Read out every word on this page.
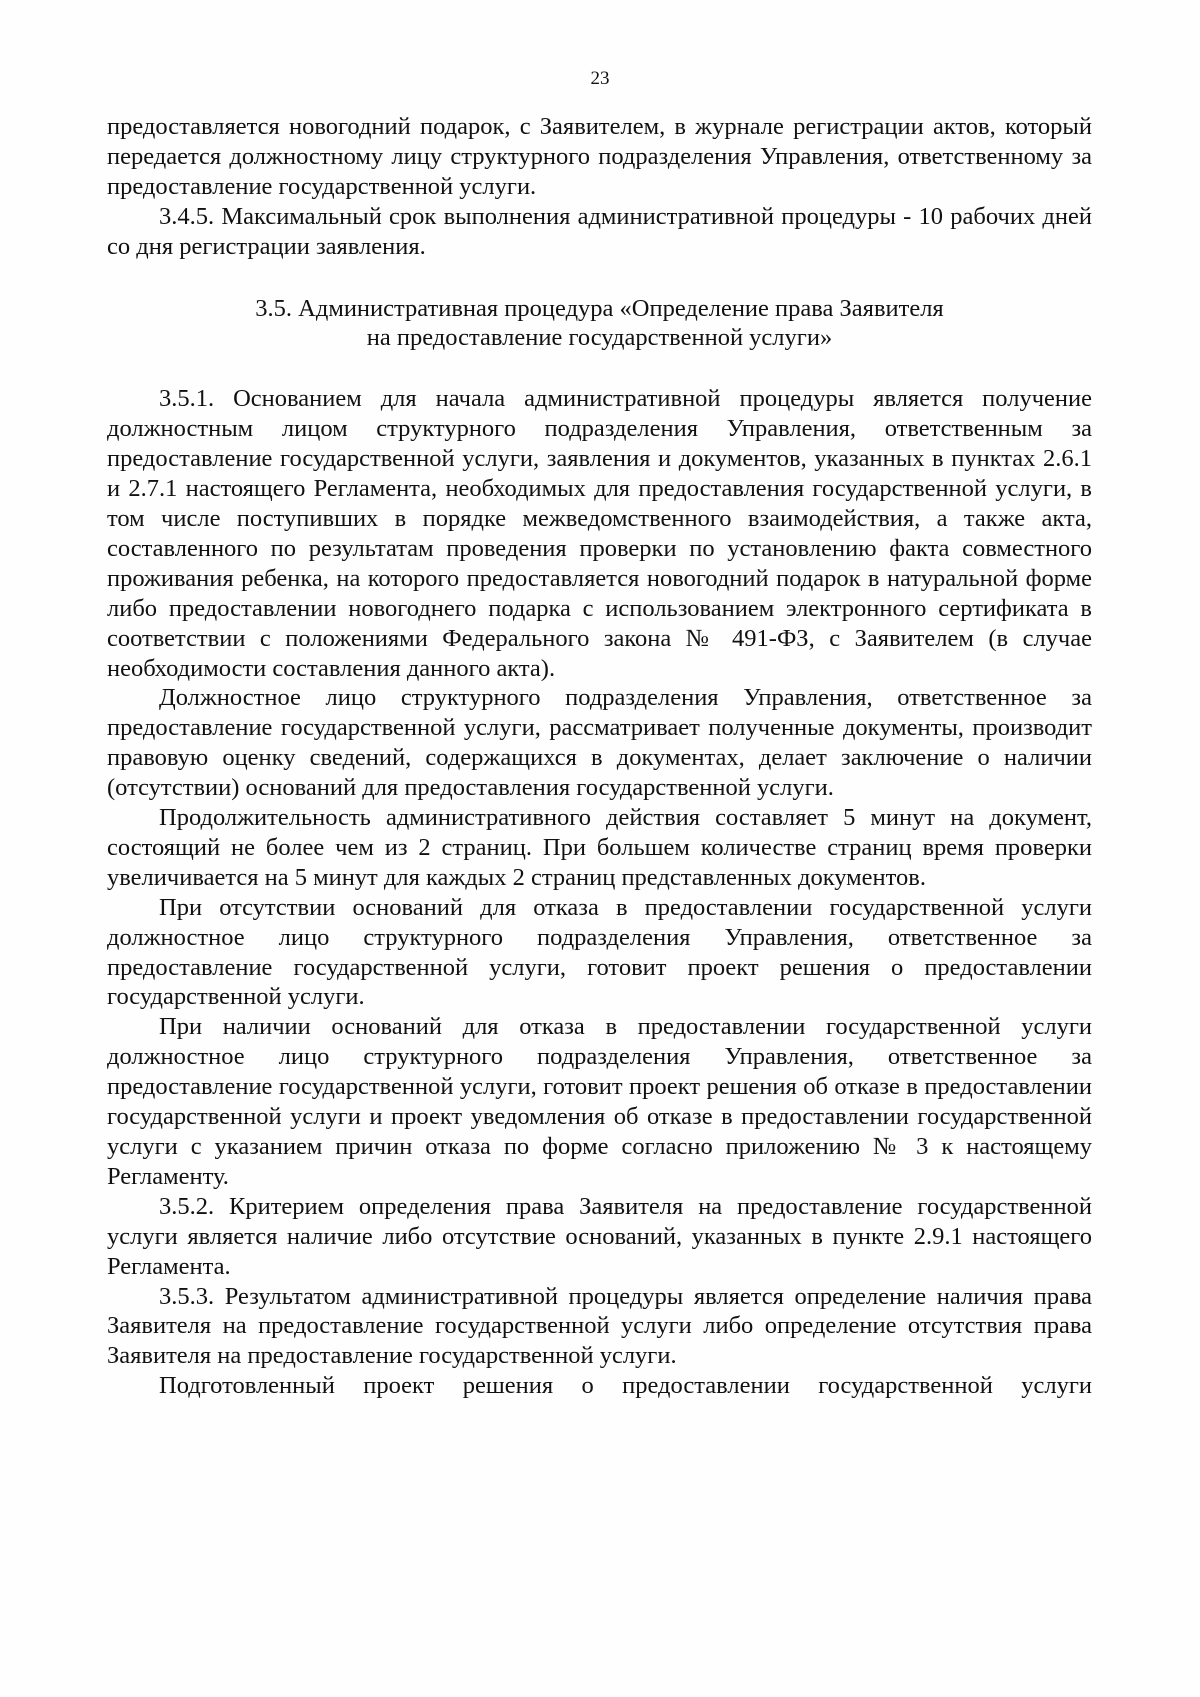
23

предоставляется новогодний подарок, с Заявителем, в журнале регистрации актов, который передается должностному лицу структурного подразделения Управления, ответственному за предоставление государственной услуги.

3.4.5. Максимальный срок выполнения административной процедуры - 10 рабочих дней со дня регистрации заявления.

3.5. Административная процедура «Определение права Заявителя
на предоставление государственной услуги»

3.5.1. Основанием для начала административной процедуры является получение должностным лицом структурного подразделения Управления, ответственным за предоставление государственной услуги, заявления и документов, указанных в пунктах 2.6.1 и 2.7.1 настоящего Регламента, необходимых для предоставления государственной услуги, в том числе поступивших в порядке межведомственного взаимодействия, а также акта, составленного по результатам проведения проверки по установлению факта совместного проживания ребенка, на которого предоставляется новогодний подарок в натуральной форме либо предоставлении новогоднего подарка с использованием электронного сертификата в соответствии с положениями Федерального закона № 491-ФЗ, с Заявителем (в случае необходимости составления данного акта).

Должностное лицо структурного подразделения Управления, ответственное за предоставление государственной услуги, рассматривает полученные документы, производит правовую оценку сведений, содержащихся в документах, делает заключение о наличии (отсутствии) оснований для предоставления государственной услуги.

Продолжительность административного действия составляет 5 минут на документ, состоящий не более чем из 2 страниц. При большем количестве страниц время проверки увеличивается на 5 минут для каждых 2 страниц представленных документов.

При отсутствии оснований для отказа в предоставлении государственной услуги должностное лицо структурного подразделения Управления, ответственное за предоставление государственной услуги, готовит проект решения о предоставлении государственной услуги.

При наличии оснований для отказа в предоставлении государственной услуги должностное лицо структурного подразделения Управления, ответственное за предоставление государственной услуги, готовит проект решения об отказе в предоставлении государственной услуги и проект уведомления об отказе в предоставлении государственной услуги с указанием причин отказа по форме согласно приложению № 3 к настоящему Регламенту.

3.5.2. Критерием определения права Заявителя на предоставление государственной услуги является наличие либо отсутствие оснований, указанных в пункте 2.9.1 настоящего Регламента.

3.5.3. Результатом административной процедуры является определение наличия права Заявителя на предоставление государственной услуги либо определение отсутствия права Заявителя на предоставление государственной услуги.

Подготовленный проект решения о предоставлении государственной услуги
